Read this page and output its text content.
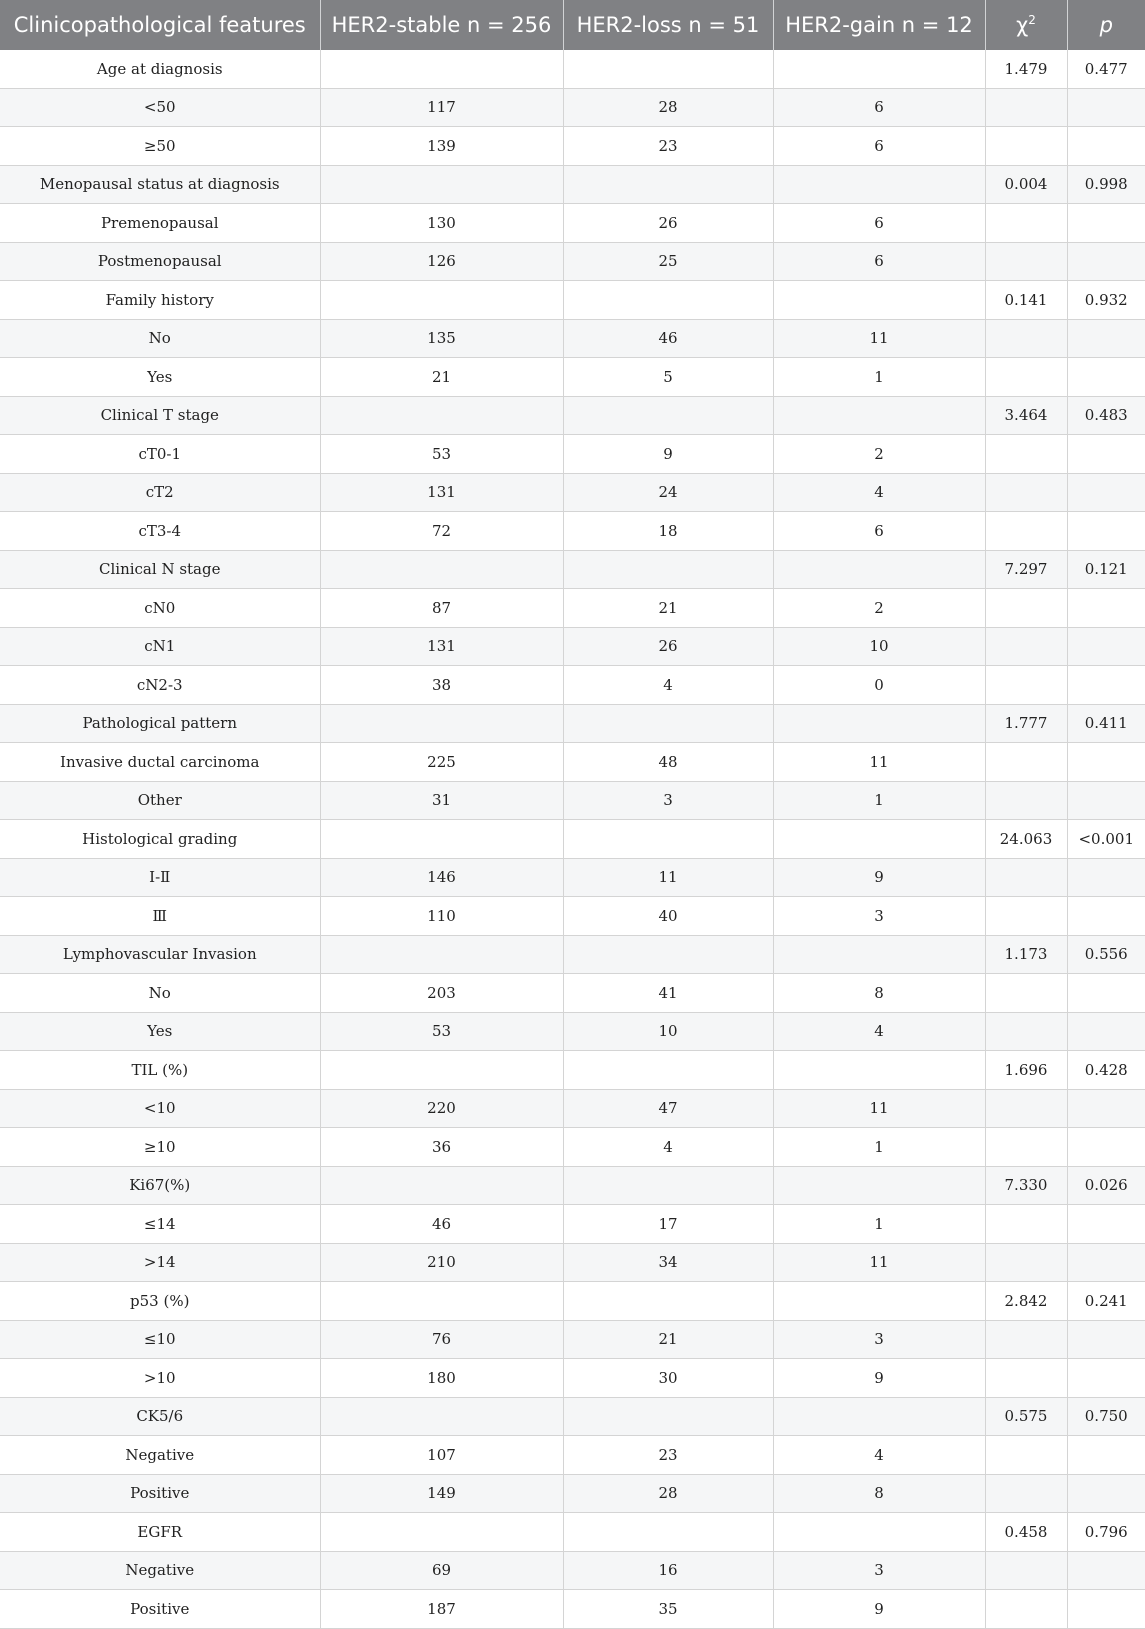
Clinicopathological features	HER2-stable n = 256	HER2-loss n = 51	HER2-gain n = 12	$\chi^2$	p
Age at diagnosis				1.479	0.477
<50	117	28	6		
≥50	139	23	6		
Menopausal status at diagnosis				0.004	0.998
Premenopausal	130	26	6		
Postmenopausal	126	25	6		
Family history				0.141	0.932
No	135	46	11		
Yes	21	5	1		
Clinical T stage				3.464	0.483
cT0-1	53	9	2		
cT2	131	24	4		
cT3-4	72	18	6		
Clinical N stage				7.297	0.121
cN0	87	21	2		
cN1	131	26	10		
cN2-3	38	4	0		
Pathological pattern				1.777	0.411
Invasive ductal carcinoma	225	48	11		
Other	31	3	1		
Histological grading				24.063	<0.001
Ⅰ-Ⅱ	146	11	9		
Ⅲ	110	40	3		
Lymphovascular Invasion				1.173	0.556
No	203	41	8		
Yes	53	10	4		
TIL (%)				1.696	0.428
<10	220	47	11		
≥10	36	4	1		
Ki67(%)				7.330	0.026
≤14	46	17	1		
>14	210	34	11		
p53 (%)				2.842	0.241
≤10	76	21	3		
>10	180	30	9		
CK5/6				0.575	0.750
Negative	107	23	4		
Positive	149	28	8		
EGFR				0.458	0.796
Negative	69	16	3		
Positive	187	35	9		
